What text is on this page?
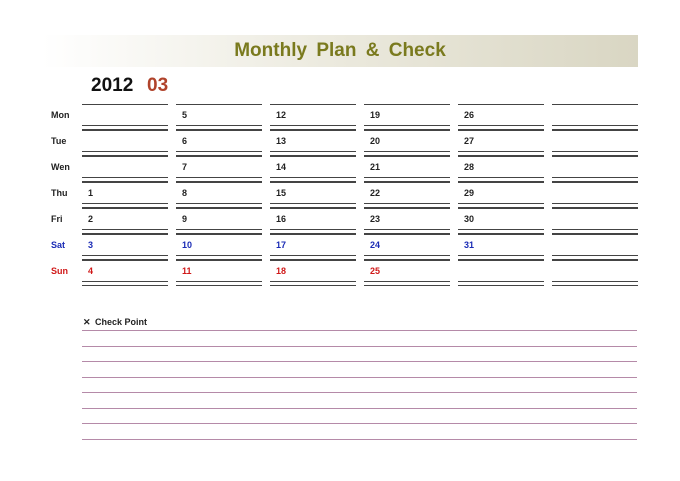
Monthly Plan & Check
2012 03
Mon
Tue
Wen
Thu
Fri
Sat
Sun
1
2
3
4
5
6
7
8
9
10
11
12
13
14
15
16
17
18
19
20
21
22
23
24
25
26
27
28
29
30
31
✕ Check Point
